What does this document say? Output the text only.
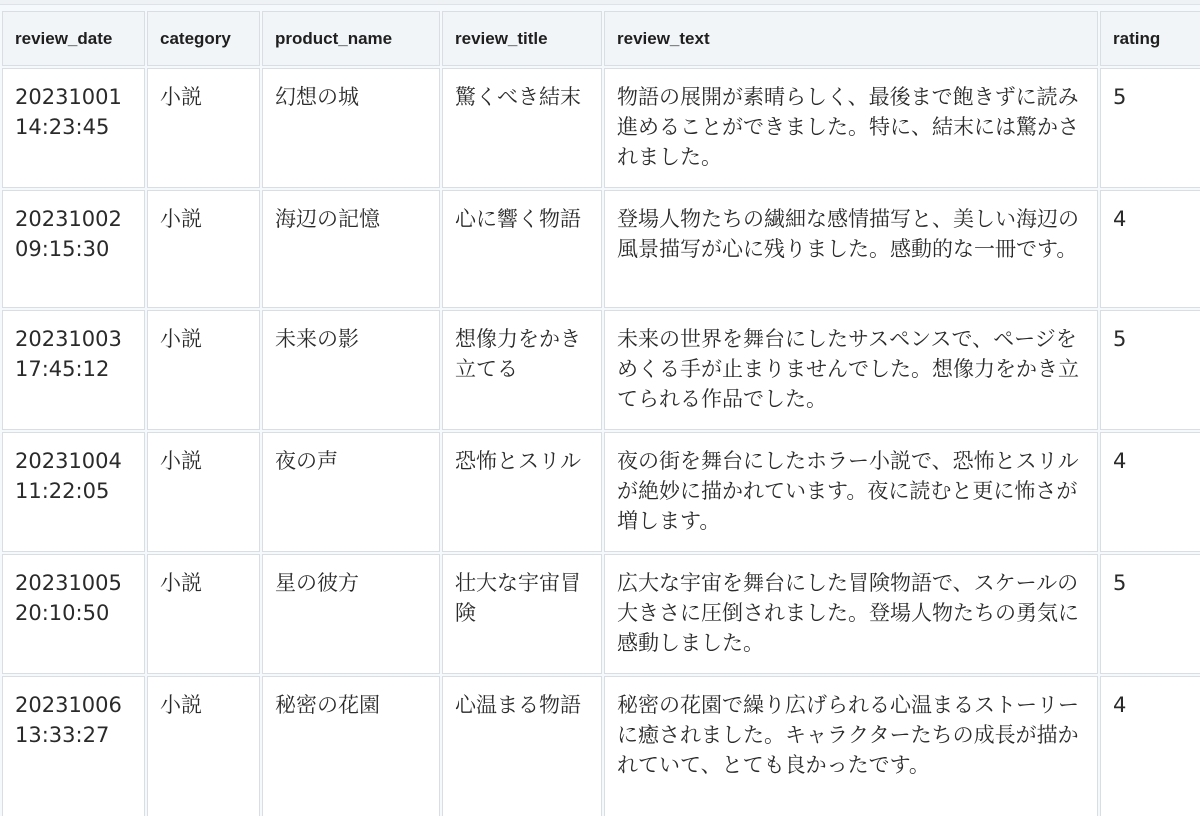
review_date	category	product_name	review_title	review_text	rating

20231001
14:23:45	小説	幻想の城	驚くべき結末	物語の展開が素晴らしく、最後まで飽きずに読み進めることができました。特に、結末には驚かされました。	5

20231002
09:15:30	小説	海辺の記憶	心に響く物語	登場人物たちの繊細な感情描写と、美しい海辺の風景描写が心に残りました。感動的な一冊です。	4

20231003
17:45:12	小説	未来の影	想像力をかき立てる	未来の世界を舞台にしたサスペンスで、ページをめくる手が止まりませんでした。想像力をかき立てられる作品でした。	5

20231004
11:22:05	小説	夜の声	恐怖とスリル	夜の街を舞台にしたホラー小説で、恐怖とスリルが絶妙に描かれています。夜に読むと更に怖さが増します。	4

20231005
20:10:50	小説	星の彼方	壮大な宇宙冒険	広大な宇宙を舞台にした冒険物語で、スケールの大きさに圧倒されました。登場人物たちの勇気に感動しました。	5

20231006
13:33:27	小説	秘密の花園	心温まる物語	秘密の花園で繰り広げられる心温まるストーリーに癒されました。キャラクターたちの成長が描かれていて、とても良かったです。	4
